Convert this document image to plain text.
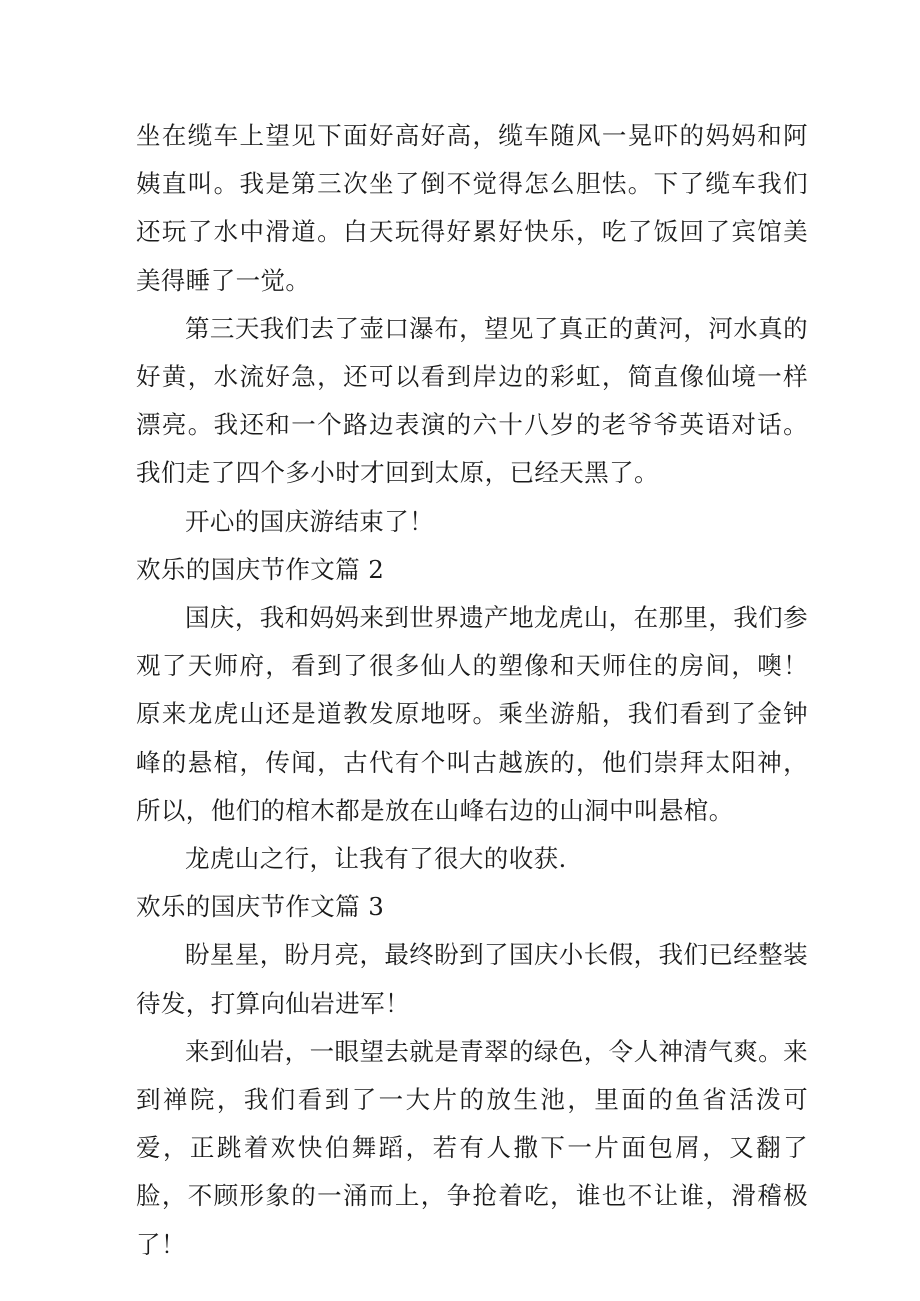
坐在缆车上望见下面好高好高，缆车随风一晃吓的妈妈和阿姨直叫。我是第三次坐了倒不觉得怎么胆怯。下了缆车我们还玩了水中滑道。白天玩得好累好快乐，吃了饭回了宾馆美美得睡了一觉。

第三天我们去了壶口瀑布，望见了真正的黄河，河水真的好黄，水流好急，还可以看到岸边的彩虹，简直像仙境一样漂亮。我还和一个路边表演的六十八岁的老爷爷英语对话。我们走了四个多小时才回到太原，已经天黑了。

开心的国庆游结束了！

欢乐的国庆节作文篇 2

国庆，我和妈妈来到世界遗产地龙虎山，在那里，我们参观了天师府，看到了很多仙人的塑像和天师住的房间，噢！原来龙虎山还是道教发原地呀。乘坐游船，我们看到了金钟峰的悬棺，传闻，古代有个叫古越族的，他们崇拜太阳神，所以，他们的棺木都是放在山峰右边的山洞中叫悬棺。

龙虎山之行，让我有了很大的收获.

欢乐的国庆节作文篇 3

盼星星，盼月亮，最终盼到了国庆小长假，我们已经整装待发，打算向仙岩进军！

来到仙岩，一眼望去就是青翠的绿色，令人神清气爽。来到禅院，我们看到了一大片的放生池，里面的鱼省活泼可爱，正跳着欢快伯舞蹈，若有人撒下一片面包屑，又翻了脸，不顾形象的一涌而上，争抢着吃，谁也不让谁，滑稽极了！
